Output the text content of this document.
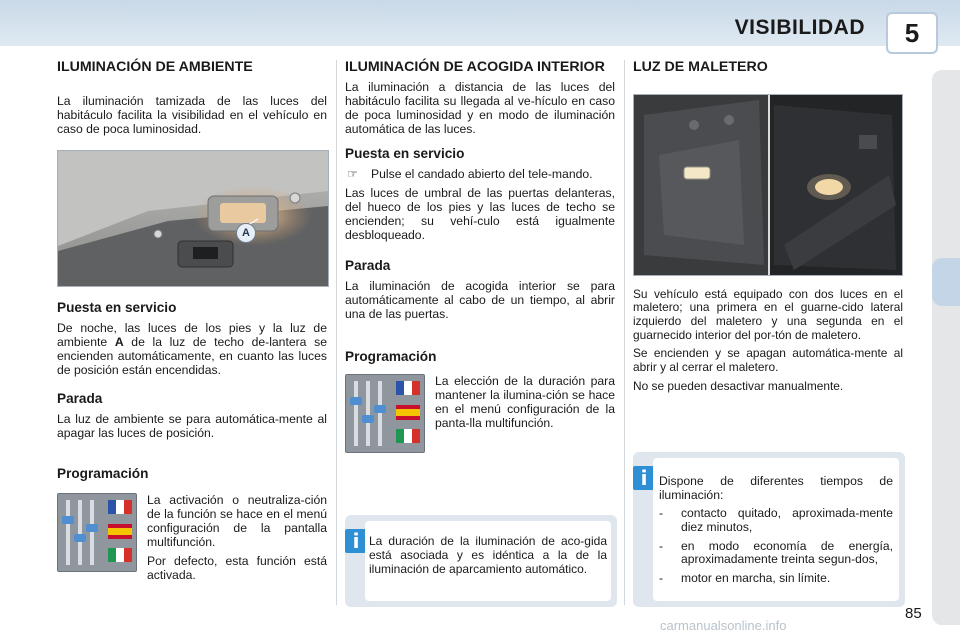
VISIBILIDAD	5
ILUMINACIÓN DE AMBIENTE

La iluminación tamizada de las luces del habitáculo facilita la visibilidad en el vehículo en caso de poca luminosidad.

A
Puesta en servicio

De noche, las luces de los pies y la luz de ambiente A de la luz de techo de-lantera se encienden automáticamente, en cuanto las luces de posición están encendidas.

Parada

La luz de ambiente se para automática-mente al apagar las luces de posición.

Programación

La activación o neutraliza-ción de la función se hace en el menú configuración de la pantalla multifunción.

Por defecto, esta función está activada.

ILUMINACIÓN DE ACOGIDA INTERIOR

La iluminación a distancia de las luces del habitáculo facilita su llegada al ve-hículo en caso de poca luminosidad y en modo de iluminación automática de las luces.

Puesta en servicio
☞	Pulse el candado abierto del tele-mando.

Las luces de umbral de las puertas delanteras, del hueco de los pies y las luces de techo se encienden; su vehí-culo está igualmente desbloqueado.

Parada

La iluminación de acogida interior se para automáticamente al cabo de un tiempo, al abrir una de las puertas.

Programación

La elección de la duración para mantener la ilumina-ción se hace en el menú configuración de la panta-lla multifunción.

i La duración de la iluminación de aco-gida está asociada y es idéntica a la de la iluminación de aparcamiento automático.

LUZ DE MALETERO

Su vehículo está equipado con dos luces en el maletero; una primera en el guarne-cido lateral izquierdo del maletero y una segunda en el guarnecido interior del por-tón de maletero.

Se encienden y se apagan automática-mente al abrir y al cerrar el maletero.

No se pueden desactivar manualmente.

i Dispone de diferentes tiempos de iluminación:

-	contacto quitado, aproximada-mente diez minutos,
-	en modo economía de energía, aproximadamente treinta segun-dos,
-	motor en marcha, sin límite.
85
carmanualsonline.info
